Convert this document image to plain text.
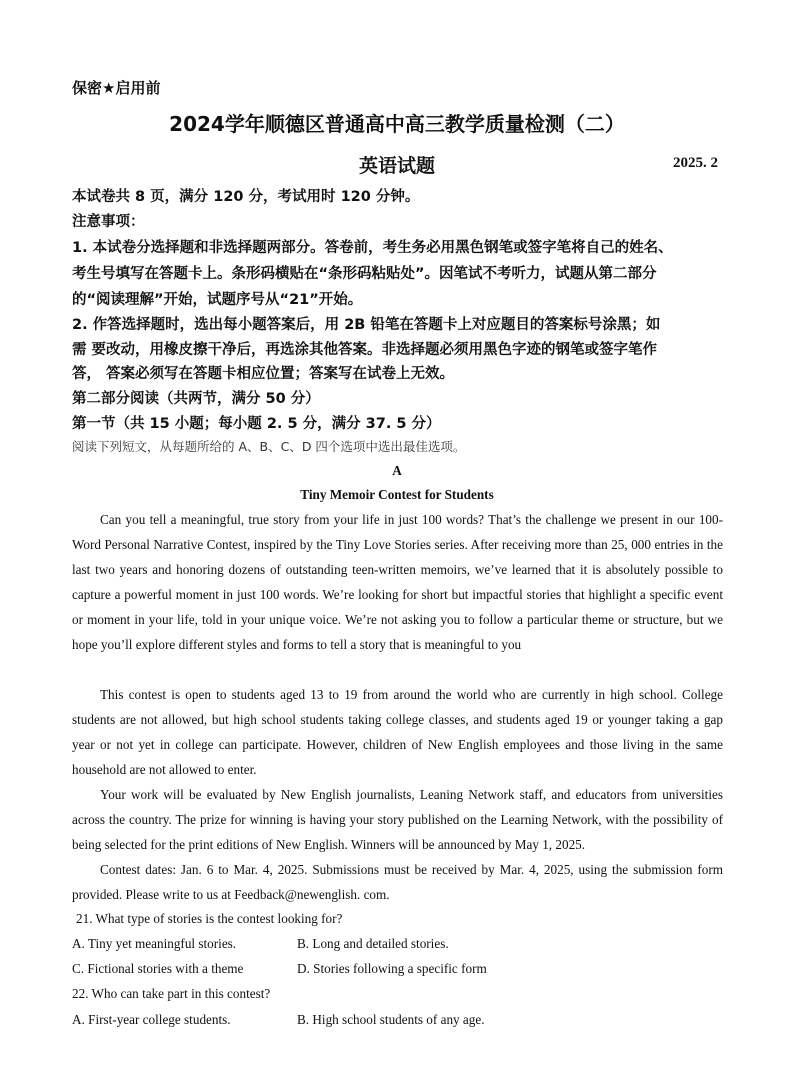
保密★启用前
2024学年顺德区普通高中高三教学质量检测（二）
英语试题	2025. 2
本试卷共 8 页，满分 120 分，考试用时 120 分钟。
注意事项：
1. 本试卷分选择题和非选择题两部分。答卷前，考生务必用黑色钢笔或签字笔将自己的姓名、
考生号填写在答题卡上。条形码横贴在“条形码粘贴处”。因笔试不考听力，试题从第二部分
的“阅读理解”开始，试题序号从“21”开始。
2. 作答选择题时，选出每小题答案后，用 2B 铅笔在答题卡上对应题目的答案标号涂黑；如
需 要改动，用橡皮擦干净后，再选涂其他答案。非选择题必须用黑色字迹的钢笔或签字笔作
答， 答案必须写在答题卡相应位置；答案写在试卷上无效。
第二部分阅读（共两节，满分 50 分）
第一节（共 15 小题；每小题 2. 5 分，满分 37. 5 分）
阅读下列短文，从每题所给的 A、B、C、D 四个选项中选出最佳选项。
A
Tiny Memoir Contest for Students

Can you tell a meaningful, true story from your life in just 100 words? That’s the challenge we present in our 100-Word Personal Narrative Contest, inspired by the Tiny Love Stories series. After receiving more than 25, 000 entries in the last two years and honoring dozens of outstanding teen-written memoirs, we’ve learned that it is absolutely possible to capture a powerful moment in just 100 words. We’re looking for short but impactful stories that highlight a specific event or moment in your life, told in your unique voice. We’re not asking you to follow a particular theme or structure, but we hope you’ll explore different styles and forms to tell a story that is meaningful to you

This contest is open to students aged 13 to 19 from around the world who are currently in high school. College students are not allowed, but high school students taking college classes, and students aged 19 or younger taking a gap year or not yet in college can participate. However, children of New English employees and those living in the same household are not allowed to enter.

Your work will be evaluated by New English journalists, Leaning Network staff, and educators from universities across the country. The prize for winning is having your story published on the Learning Network, with the possibility of being selected for the print editions of New English. Winners will be announced by May 1, 2025.

Contest dates: Jan. 6 to Mar. 4, 2025. Submissions must be received by Mar. 4, 2025, using the submission form provided. Please write to us at Feedback@newenglish. com.

21. What type of stories is the contest looking for?
A. Tiny yet meaningful stories.	B. Long and detailed stories.
C. Fictional stories with a theme	D. Stories following a specific form
22. Who can take part in this contest?
A. First-year college students.	B. High school students of any age.
